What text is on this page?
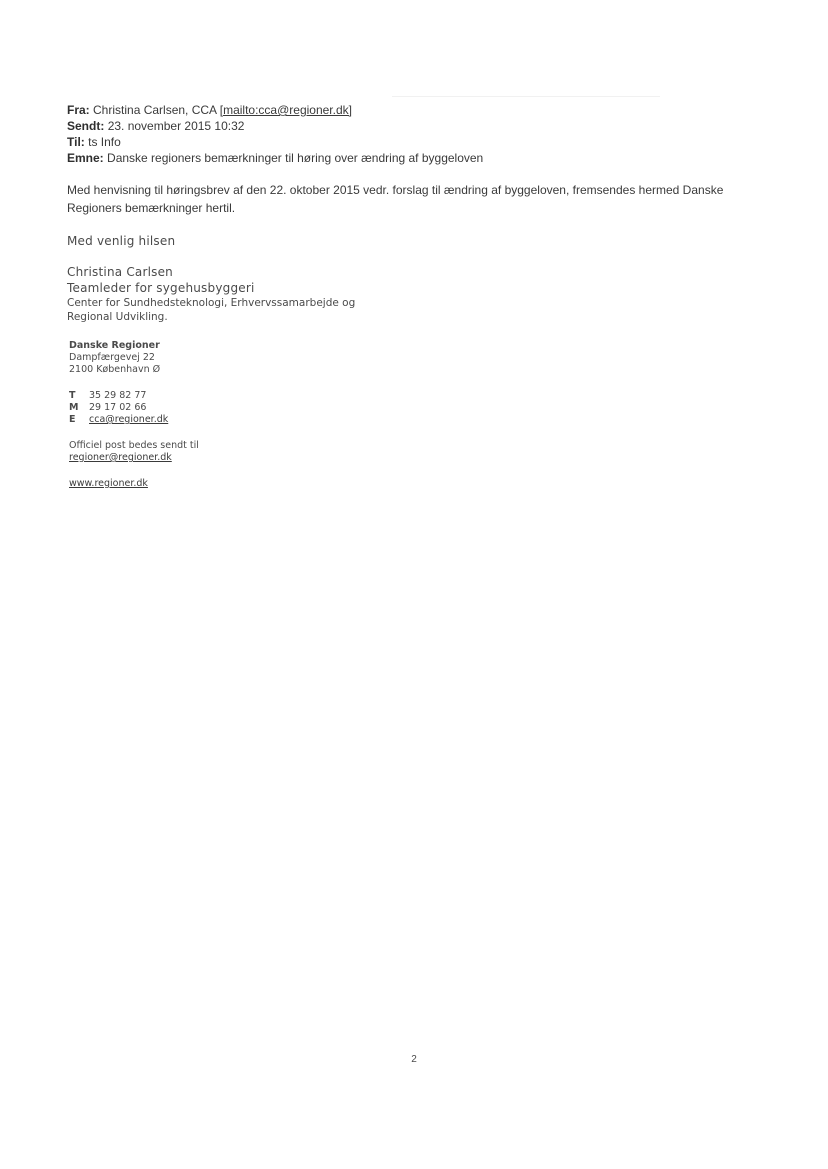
Fra: Christina Carlsen, CCA [mailto:cca@regioner.dk]
Sendt: 23. november 2015 10:32
Til: ts Info
Emne: Danske regioners bemærkninger til høring over ændring af byggeloven
Med henvisning til høringsbrev af den 22. oktober 2015 vedr. forslag til ændring af byggeloven, fremsendes hermed Danske Regioners bemærkninger hertil.
Med venlig hilsen
Christina Carlsen
Teamleder for sygehusbyggeri
Center for Sundhedsteknologi, Erhvervssamarbejde og
Regional Udvikling.
Danske Regioner
Dampfærgevej 22
2100 København Ø
T 35 29 82 77
M 29 17 02 66
E cca@regioner.dk
Officiel post bedes sendt til
regioner@regioner.dk
www.regioner.dk
2
